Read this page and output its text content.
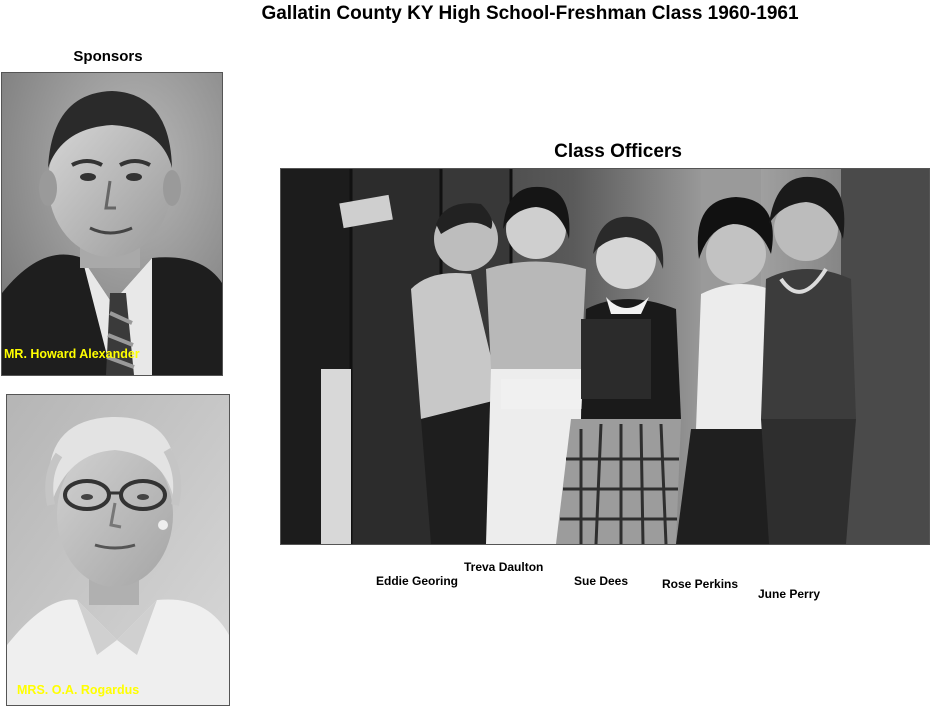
Gallatin County KY High School-Freshman Class 1960-1961
Sponsors
MR. Howard Alexander
MRS. O.A. Rogardus
Class Officers
Eddie Georing
Treva Daulton
Sue Dees	Rose Perkins
June Perry
